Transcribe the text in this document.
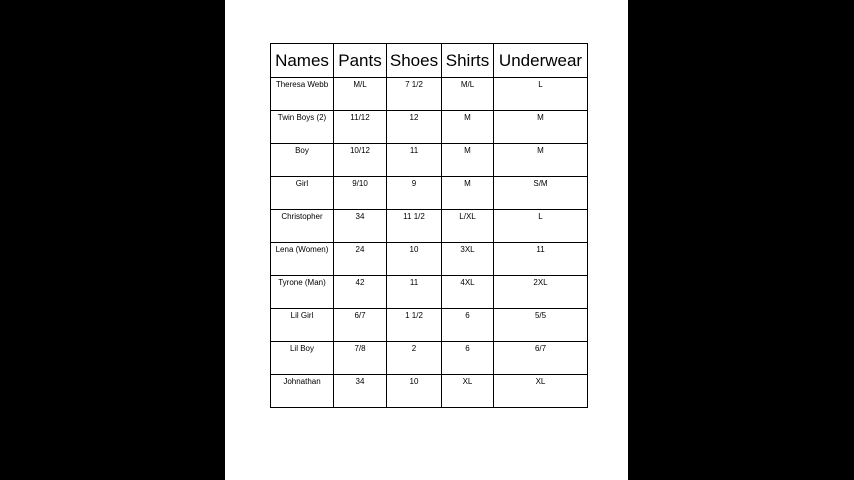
Names	Pants	Shoes	Shirts	Underwear
Theresa Webb	M/L	7 1/2	M/L	L
Twin Boys (2)	11/12	12	M	M
Boy	10/12	11	M	M
Girl	9/10	9	M	S/M
Christopher	34	11 1/2	L/XL	L
Lena (Women)	24	10	3XL	11
Tyrone (Man)	42	11	4XL	2XL
Lil Girl	6/7	1 1/2	6	5/5
Lil Boy	7/8	2	6	6/7
Johnathan	34	10	XL	XL
